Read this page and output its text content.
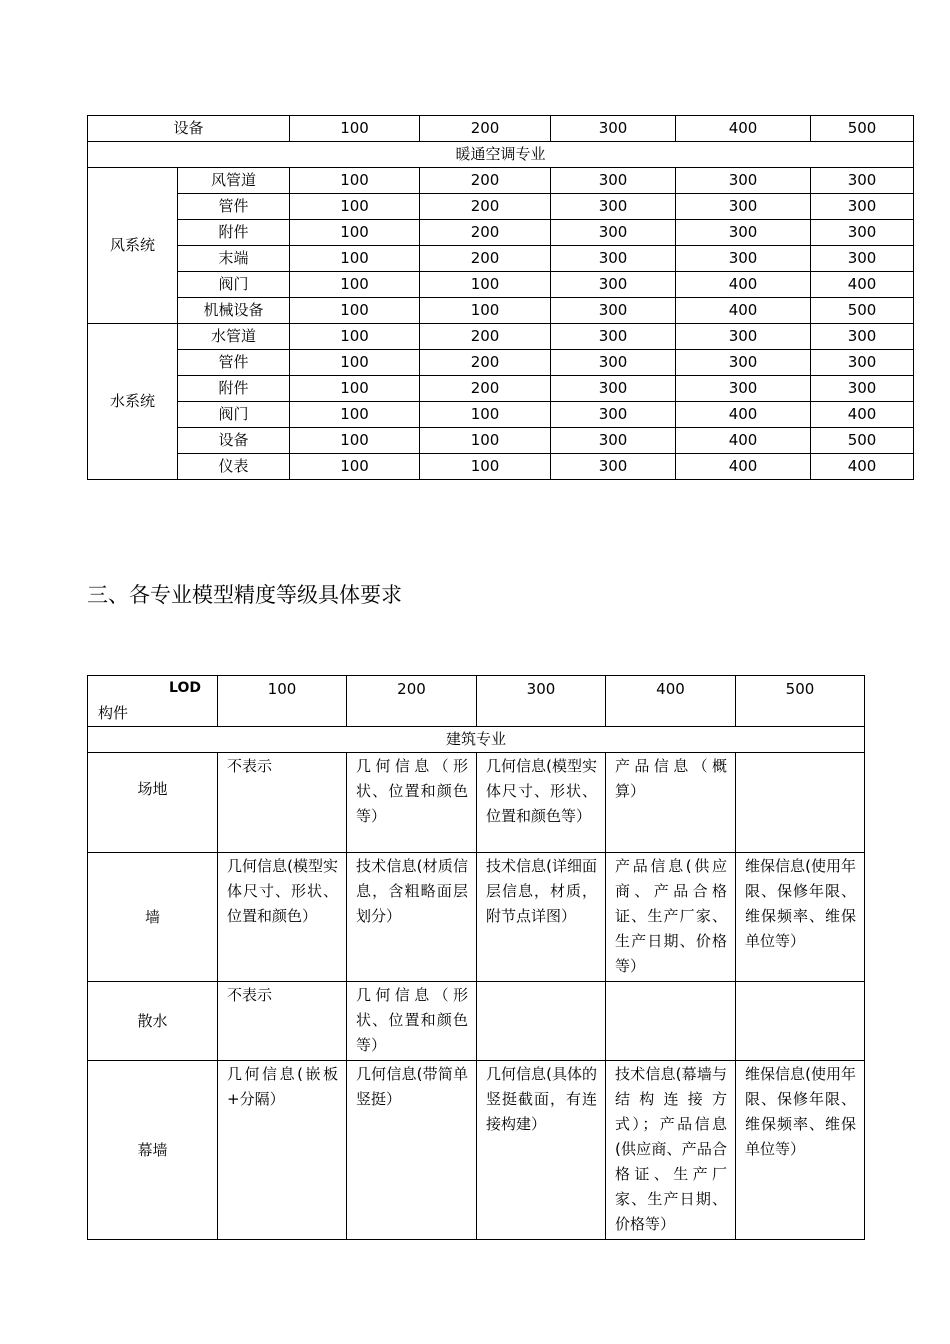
设备		100	200	300	400	500
暖通空调专业						
风系统	风管道	100	200	300	300	300
	管件	100	200	300	300	300
	附件	100	200	300	300	300
	末端	100	200	300	300	300
	阀门	100	100	300	400	400
	机械设备	100	100	300	400	500
水系统	水管道	100	200	300	300	300
	管件	100	200	300	300	300
	附件	100	200	300	300	300
	阀门	100	100	300	400	400
	设备	100	100	300	400	500
	仪表	100	100	300	400	400
三、各专业模型精度等级具体要求
LOD
构件	100	200	300	400	500
建筑专业					
场地	不表示	几何信息（形状、位置和颜色等）	几何信息(模型实体尺寸、形状、位置和颜色等）	产品信息（概算）	
墙	几何信息(模型实体尺寸、形状、位置和颜色）	技术信息(材质信息，含粗略面层划分）	技术信息(详细面层信息，材质，附节点详图）	产品信息(供应商、产品合格证、生产厂家、生产日期、价格等）	维保信息(使用年限、保修年限、维保频率、维保单位等）
散水	不表示	几何信息（形状、位置和颜色等）			
幕墙	几何信息(嵌板+分隔）	几何信息(带简单竖挺）	几何信息(具体的竖挺截面，有连接构建）	技术信息(幕墙与结构连接方式）；产品信息(供应商、产品合格证、生产厂家、生产日期、价格等）	维保信息(使用年限、保修年限、维保频率、维保单位等）
